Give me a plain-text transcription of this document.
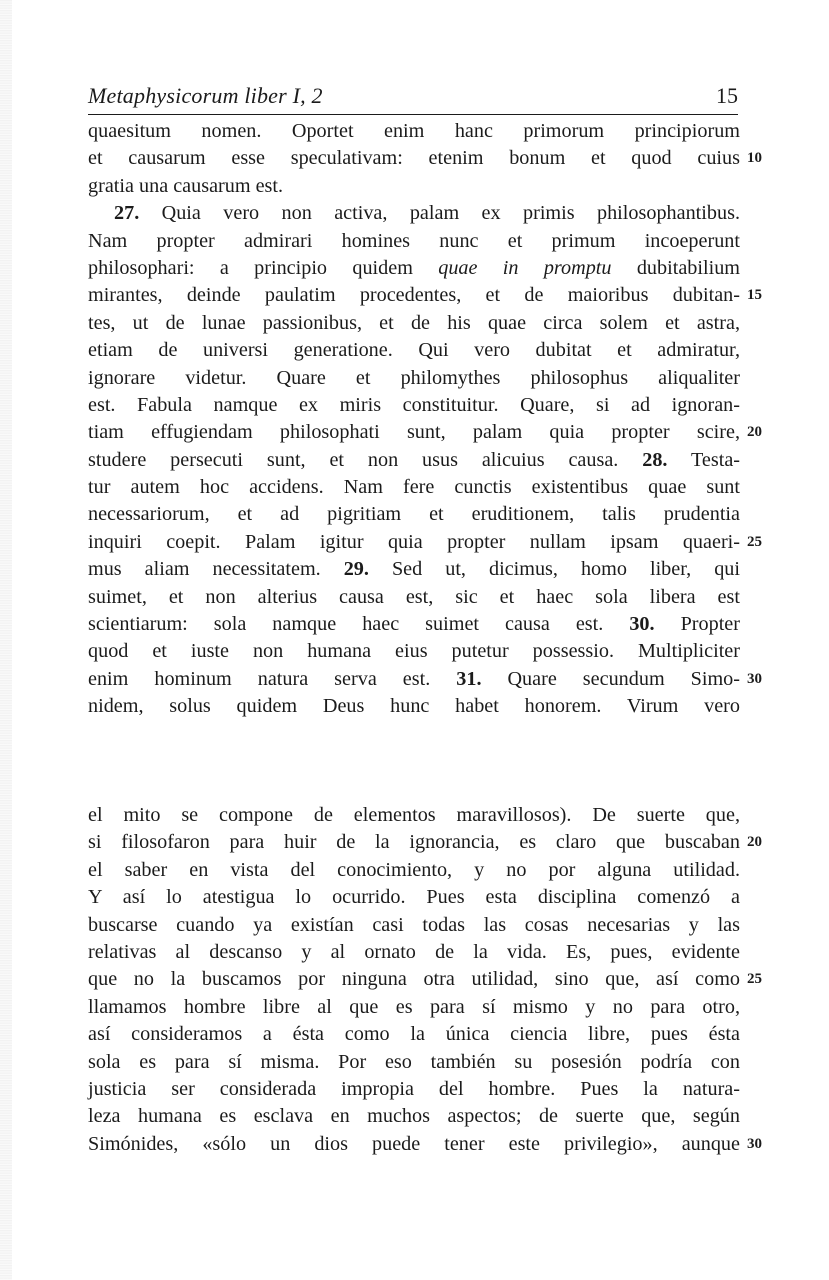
Metaphysicorum liber I, 2	15
quaesitum nomen. Oportet enim hanc primorum principiorum
et causarum esse speculativam: etenim bonum et quod cuius 10
gratia una causarum est.
27. Quia vero non activa, palam ex primis philosophantibus.
Nam propter admirari homines nunc et primum incoeperunt
philosophari: a principio quidem quae in promptu dubitabilium
mirantes, deinde paulatim procedentes, et de maioribus dubitan- 15
tes, ut de lunae passionibus, et de his quae circa solem et astra,
etiam de universi generatione. Qui vero dubitat et admiratur,
ignorare videtur. Quare et philomythes philosophus aliqualiter
est. Fabula namque ex miris constituitur. Quare, si ad ignoran-
tiam effugiendam philosophati sunt, palam quia propter scire, 20
studere persecuti sunt, et non usus alicuius causa. 28. Testa-
tur autem hoc accidens. Nam fere cunctis existentibus quae sunt
necessariorum, et ad pigritiam et eruditionem, talis prudentia
inquiri coepit. Palam igitur quia propter nullam ipsam quaeri- 25
mus aliam necessitatem. 29. Sed ut, dicimus, homo liber, qui
suimet, et non alterius causa est, sic et haec sola libera est
scientiarum: sola namque haec suimet causa est. 30. Propter
quod et iuste non humana eius putetur possessio. Multipliciter
enim hominum natura serva est. 31. Quare secundum Simo- 30
nidem, solus quidem Deus hunc habet honorem. Virum vero
el mito se compone de elementos maravillosos). De suerte que,
si filosofaron para huir de la ignorancia, es claro que buscaban 20
el saber en vista del conocimiento, y no por alguna utilidad.
Y así lo atestigua lo ocurrido. Pues esta disciplina comenzó a
buscarse cuando ya existían casi todas las cosas necesarias y las
relativas al descanso y al ornato de la vida. Es, pues, evidente
que no la buscamos por ninguna otra utilidad, sino que, así como 25
llamamos hombre libre al que es para sí mismo y no para otro,
así consideramos a ésta como la única ciencia libre, pues ésta
sola es para sí misma. Por eso también su posesión podría con
justicia ser considerada impropia del hombre. Pues la natura-
leza humana es esclava en muchos aspectos; de suerte que, según
Simónides, «sólo un dios puede tener este privilegio», aunque 30
